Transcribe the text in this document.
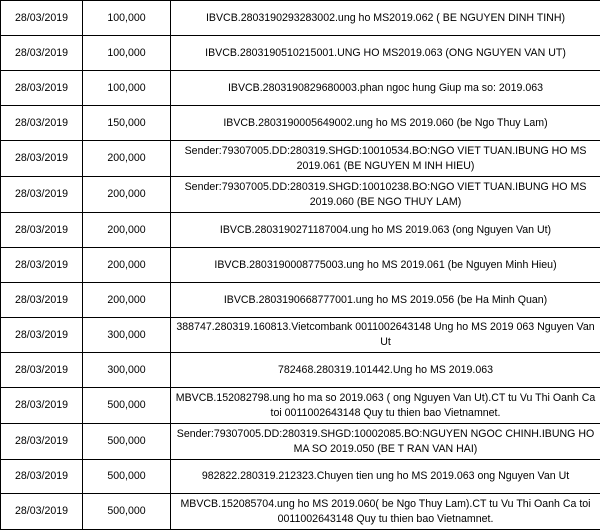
28/03/2019	100,000	IBVCB.2803190293283002.ung ho MS2019.062 ( BE NGUYEN DINH TINH)
28/03/2019	100,000	IBVCB.2803190510215001.UNG HO MS2019.063 (ONG NGUYEN VAN UT)
28/03/2019	100,000	IBVCB.2803190829680003.phan ngoc hung Giup ma so: 2019.063
28/03/2019	150,000	IBVCB.2803190005649002.ung ho MS 2019.060 (be Ngo Thuy Lam)
28/03/2019	200,000	Sender:79307005.DD:280319.SHGD:10010534.BO:NGO VIET TUAN.IBUNG HO MS 2019.061 (BE NGUYEN M INH HIEU)
28/03/2019	200,000	Sender:79307005.DD:280319.SHGD:10010238.BO:NGO VIET TUAN.IBUNG HO MS 2019.060 (BE NGO THUY LAM)
28/03/2019	200,000	IBVCB.2803190271187004.ung ho MS 2019.063 (ong Nguyen Van Ut)
28/03/2019	200,000	IBVCB.2803190008775003.ung ho MS 2019.061 (be Nguyen Minh Hieu)
28/03/2019	200,000	IBVCB.2803190668777001.ung ho MS 2019.056 (be Ha Minh Quan)
28/03/2019	300,000	388747.280319.160813.Vietcombank 0011002643148 Ung ho MS 2019 063 Nguyen Van Ut
28/03/2019	300,000	782468.280319.101442.Ung ho MS 2019.063
28/03/2019	500,000	MBVCB.152082798.ung ho ma so 2019.063 ( ong Nguyen Van Ut).CT tu Vu Thi Oanh Ca toi 0011002643148 Quy tu thien bao Vietnamnet.
28/03/2019	500,000	Sender:79307005.DD:280319.SHGD:10002085.BO:NGUYEN NGOC CHINH.IBUNG HO MA SO 2019.050 (BE T RAN VAN HAI)
28/03/2019	500,000	982822.280319.212323.Chuyen tien ung ho MS 2019.063 ong Nguyen Van Ut
28/03/2019	500,000	MBVCB.152085704.ung ho MS 2019.060( be Ngo Thuy Lam).CT tu Vu Thi Oanh Ca toi 0011002643148 Quy tu thien bao Vietnamnet.
